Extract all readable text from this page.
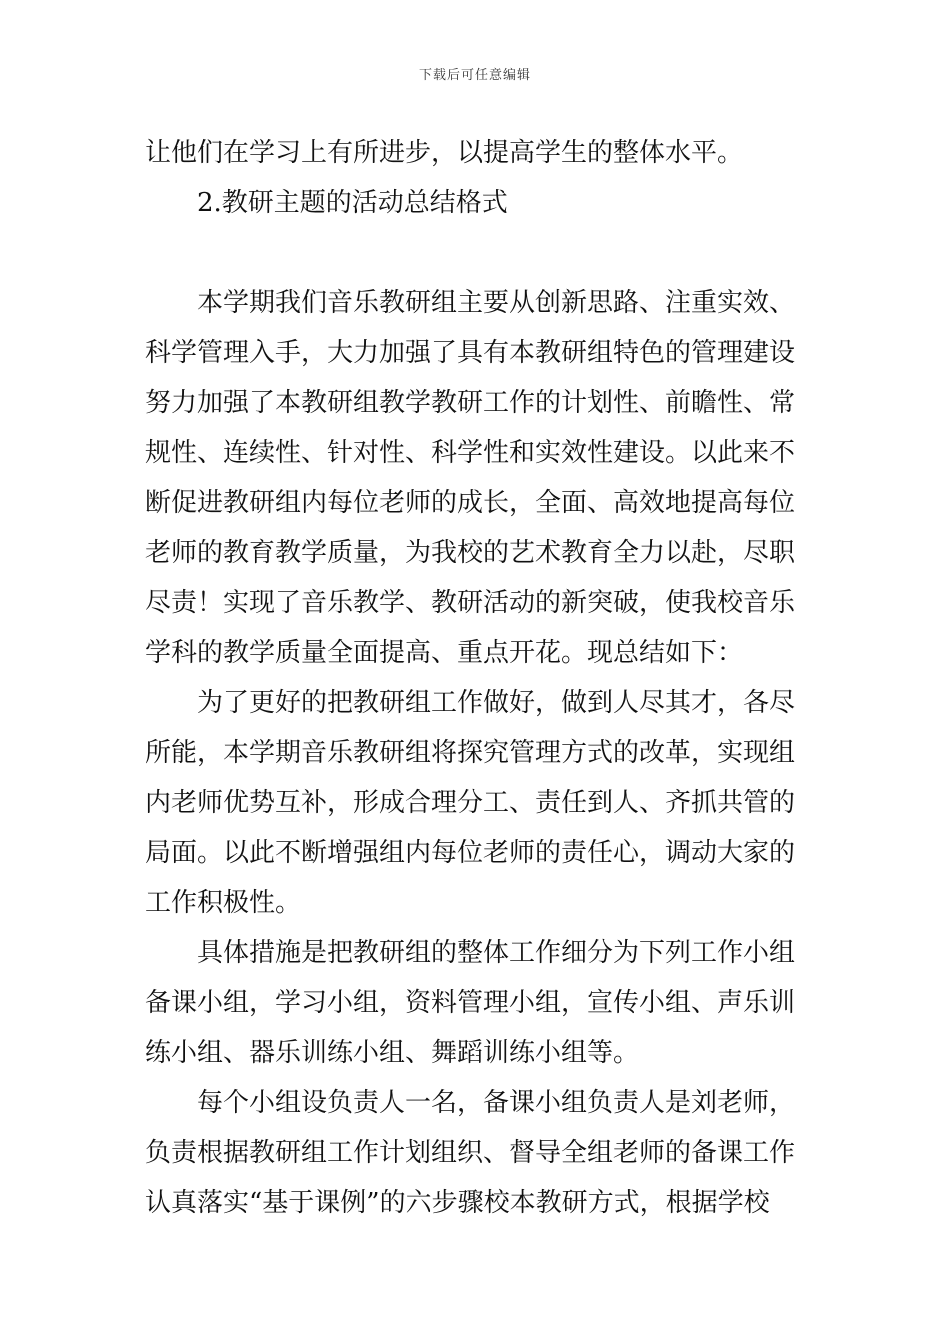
下载后可任意编辑
让他们在学习上有所进步，以提高学生的整体水平。
2.教研主题的活动总结格式
本学期我们音乐教研组主要从创新思路、注重实效、
科学管理入手，大力加强了具有本教研组特色的管理建设
努力加强了本教研组教学教研工作的计划性、前瞻性、常
规性、连续性、针对性、科学性和实效性建设。以此来不
断促进教研组内每位老师的成长，全面、高效地提高每位
老师的教育教学质量，为我校的艺术教育全力以赴，尽职
尽责！实现了音乐教学、教研活动的新突破，使我校音乐
学科的教学质量全面提高、重点开花。现总结如下：
为了更好的把教研组工作做好，做到人尽其才，各尽
所能，本学期音乐教研组将探究管理方式的改革，实现组
内老师优势互补，形成合理分工、责任到人、齐抓共管的
局面。以此不断增强组内每位老师的责任心，调动大家的
工作积极性。
具体措施是把教研组的整体工作细分为下列工作小组
备课小组，学习小组，资料管理小组，宣传小组、声乐训
练小组、器乐训练小组、舞蹈训练小组等。
每个小组设负责人一名，备课小组负责人是刘老师，
负责根据教研组工作计划组织、督导全组老师的备课工作
认真落实“基于课例”的六步骤校本教研方式，根据学校
